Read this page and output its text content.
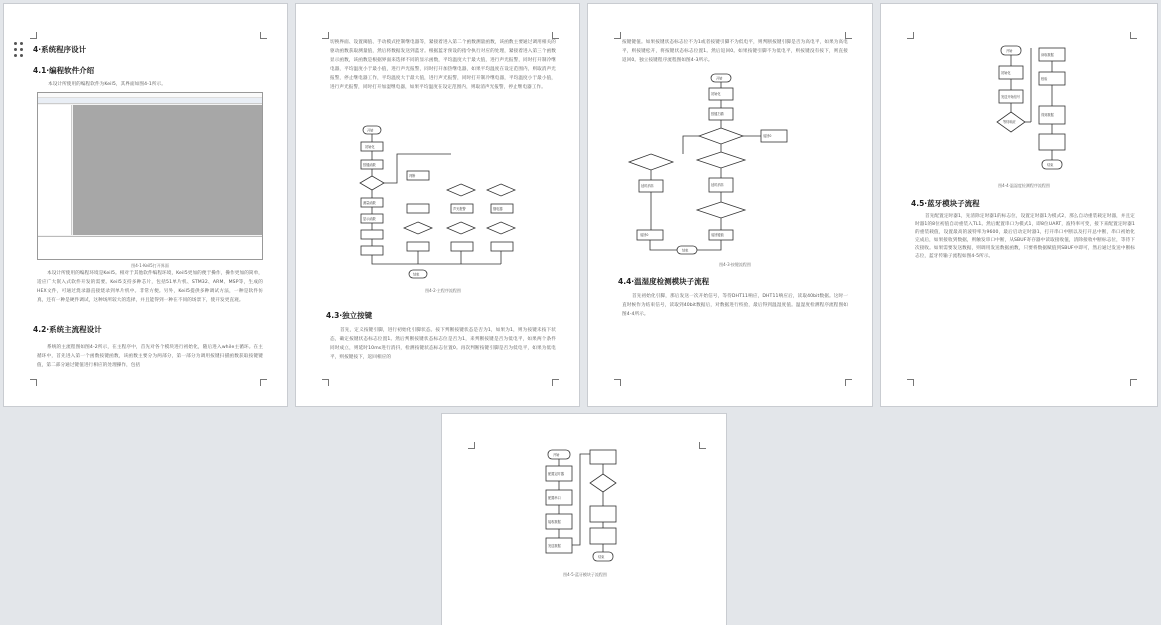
4·系统程序设计
4.1·编程软件介绍
本设计所使用的编程软件为Keil5，其界面如图4-1所示。
图4-1·Keil5打开界面
本设计所使用的编程环境是Keil5。相对于其他软件编程环境，Keil5更加的便于操作，操作更加的简单，适应广大嵌入式软件开发的需要。Keil5支持多种芯片，包括51单片机、STM32、ARM、MSP等，生成的HEX文件，可通过烧录器直接烧录到单片机中。非常方便。另外，Keil5提供多种调试方法，一种是软件仿真，还有一种是硬件调试，这种场所较大的选择，并且能得到一种在不同的场景下，使开发更直观。
4.2·系统主流程设计
系统的主流程图如图4-2所示，在主程序中，首先对各个模块进行初始化，随后进入while主循环。在主循环中，首先进入第一个函数按键函数，该函数主要分为两部分，第一部分为调用按键扫描函数获取按键键值，第二部分通过键值进行相应的处理操作，包括
切换界面、设置阈值、手动模式控制继电器等，紧接着进入第二个函数测量函数，该函数主要通过调用相关的驱动函数获取测量值，然后将数据发送到蓝牙。根据蓝牙预设的指令执行对应的处理，紧接着进入第三个函数显示函数，该函数是根据界面来选择不同的显示函数，平均温度大于最大值，进行声光报警，同时打开制冷继电器，平均温度小于最小值，进行声光报警，同时打开加热继电器，如果平均温度在设定范围内，则取消声光报警，停止继电器工作，平均温度大于最大值，进行声光报警，同时打开制冷继电器，平均温度小于最小值，进行声光报警，同时打开加湿继电器，如果平均温度在设定范围内，则取消声光报警，停止继电器工作。
开始
初始化
按键函数
测量函数
显示函数
判断
声光报警	继电器
结束
图4-2·主程序流程图
4.3·独立按键
首先，定义按键引脚，进行初始化引脚状态。按下判断按键状态是否为1，如果为1，则为按键未按下状态，确定按键状态标志位置1。然后判断按键状态标志位是否为1，来判断按键是否为低电平，如果两个条件同时成立，则延时10ms进行消抖，检测按键状态标志位置0。再次判断按键引脚是否为低电平，如果为低电平，则按键按下，返回相应的
按键键值。如果按键状态标志位不为1或者按键引脚不为低电平，则判断按键引脚是否为高电平，如果为高电平，则按键松开，将按键状态标志位置1。然后返回0。如果按键引脚不为低电平，则按键没有按下，则直接返回0。独立按键程序流程图如图4-3所示。
开始
初始化
按键扫描
返回0
延时消抖	延时消抖
返回键值
返回0
结束
图4-3·按键流程图
4.4·温湿度检测模块子流程
首先初始化引脚，那后发送一次开始信号，等待DHT11响应，DHT11响应后，读取40bit数据。这时一直时候作为结束信号，读取到40bit数据后，对数据进行校验，最后得到温湿度值。温湿度检测程序流程图如图4-4所示。
开始
初始化
发送开始信号
等待响应
读取数据
校验
得到数据
结束
图4-4·温湿度检测程序流程图
4.5·蓝牙模块子流程
首先配置定时器1，先清除定时器1的标志位，设置定时器1为模式2，那么自动重装载定时器，并且定时器1的8位初值自动重装入TL1。然后配置串口为模式1，即8位UART，波特率可变，接下来配置定时器1的重装载值，设置最高的波特率为9600，最后启动定时器1，打开串口中断以及打开总中断，串口初始化完成后，如果接收到数据，则触发串口中断，从SBUF寄存器中读取接收值，清除接收中断标志位，等待下次接收。如果需要发送数据，则调用发送数据函数，只要将数据赋值到SBUF中即可，然后通过发送中断标志位，蓝牙传输子流程如图4-5所示。
开始
配置定时器
配置串口
接收数据
发送数据
结束
图4-5·蓝牙模块子流程图
